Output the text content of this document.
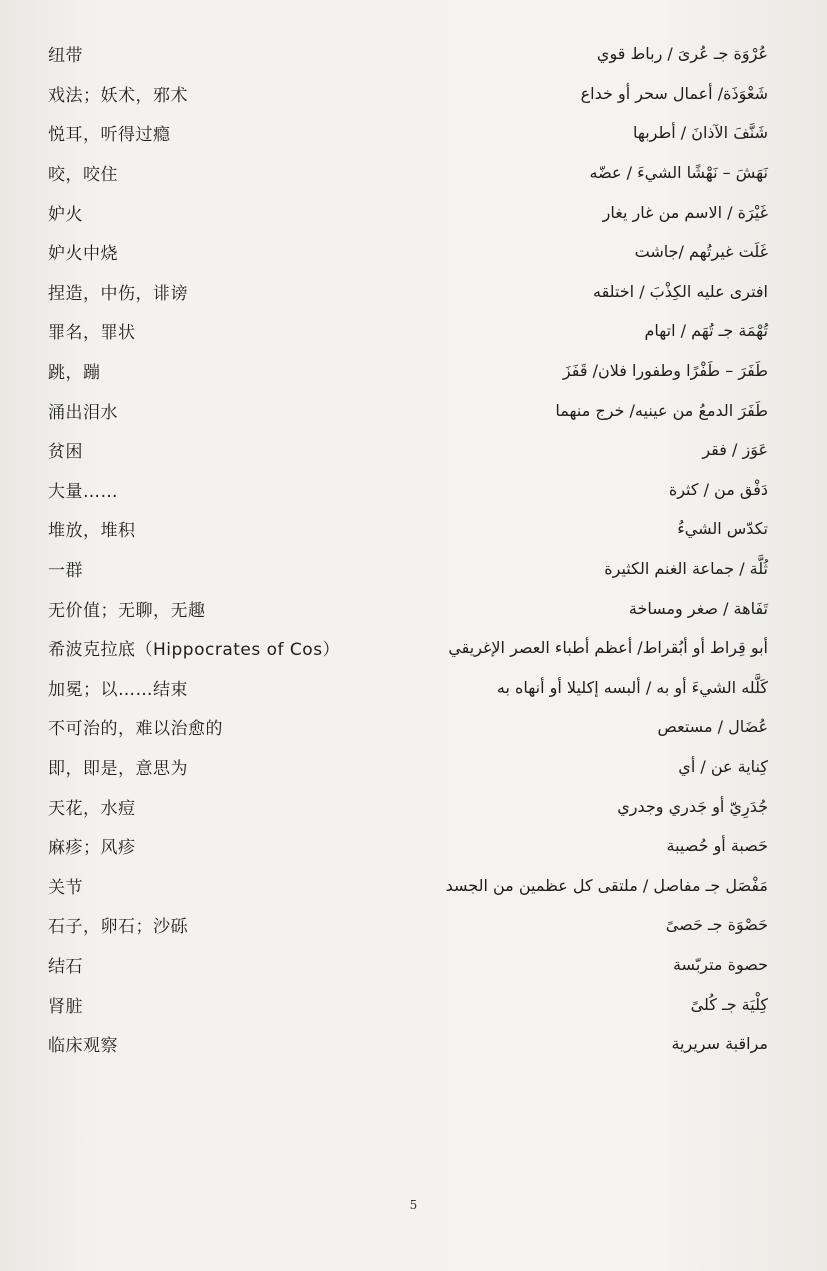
纽带	عُرْوَة جـ عُرىَ / رباط قوي
戏法；妖术，邪术	شَعْوَذَة/ أعمال سحر أو خداع
悦耳，听得过瘾	شَنَّفَ الآذانَ / أطربها
咬，咬住	نَهَشَ – نَهْشًا الشيءَ / عضّه
妒火	غَيْرَة / الاسم من غار يغار
妒火中烧	غَلَت غيرتُهم /جاشت
捏造，中伤，诽谤	افترى عليه الكِذْبَ / اختلقه
罪名，罪状	تُهْمَة جـ تُهَم / اتهام
跳，蹦	طَفَرَ – طَفْرًا وطفورا فلان/ قَفَزَ
涌出泪水	طَفَرَ الدمعُ من عينيه/ خرج منهما
贫困	عَوَز / فقر
大量……	دَفْق من / كثرة
堆放，堆积	تكدّس الشيءُ
一群	ثُلَّة / جماعة الغنم الكثيرة
无价值；无聊，无趣	تَفَاهة / صغر ومساخة
希波克拉底（Hippocrates of Cos）	أبو قِراط أو أبُقراط/ أعظم أطباء العصر الإغريقي
加冕；以……结束	كَلَّله الشيءَ أو به / ألبسه إكليلا أو أنهاه به
不可治的，难以治愈的	عُضَال / مستعص
即，即是，意思为	كِناية عن / أي
天花，水痘	جُدَرِيّ أو جَدري وجدري
麻疹；风疹	حَصبة أو حُصيبة
关节	مَفْصَل جـ مفاصل / ملتقى كل عظمين من الجسد
石子，卵石；沙砾	حَصْوَة جـ حَصىً
结石	حصوة متربّسة
肾脏	كِلْيَة جـ كُلىً
临床观察	مراقبة سريرية
5
